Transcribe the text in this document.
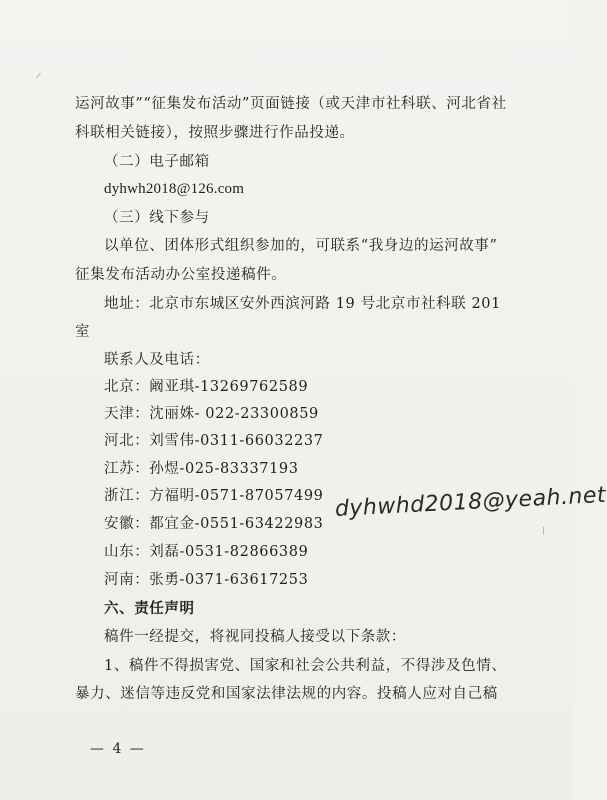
运河故事”“征集发布活动”页面链接（或天津市社科联、河北省社
科联相关链接），按照步骤进行作品投递。
（二）电子邮箱
dyhwh2018@126.com
（三）线下参与
以单位、团体形式组织参加的，可联系“我身边的运河故事”
征集发布活动办公室投递稿件。
地址：北京市东城区安外西滨河路 19 号北京市社科联 201
室
联系人及电话：
北京：阚亚琪-13269762589
天津：沈丽姝- 022-23300859
河北：刘雪伟-0311-66032237
江苏：孙煜-025-83337193
浙江：方福明-0571-87057499
安徽：都宜金-0551-63422983
山东：刘磊-0531-82866389
河南：张勇-0371-63617253
dyhwhd2018@yeah.net
六、责任声明
稿件一经提交，将视同投稿人接受以下条款：
1、稿件不得损害党、国家和社会公共利益，不得涉及色情、
暴力、迷信等违反党和国家法律法规的内容。投稿人应对自己稿
— 4 —
